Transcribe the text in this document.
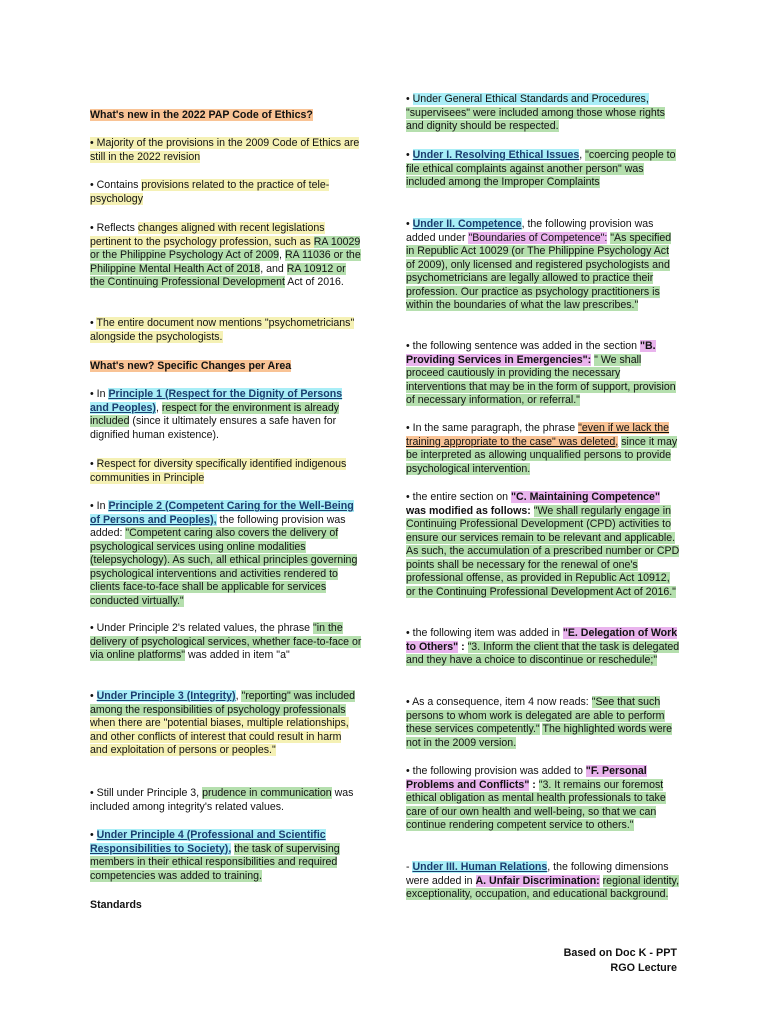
What's new in the 2022 PAP Code of Ethics?

• Majority of the provisions in the 2009 Code of Ethics are still in the 2022 revision

• Contains provisions related to the practice of tele-psychology

• Reflects changes aligned with recent legislations pertinent to the psychology profession, such as RA 10029 or the Philippine Psychology Act of 2009, RA 11036 or the Philippine Mental Health Act of 2018, and RA 10912 or the Continuing Professional Development Act of 2016.

• The entire document now mentions "psychometricians" alongside the psychologists.

What's new? Specific Changes per Area

• In Principle 1 (Respect for the Dignity of Persons and Peoples), respect for the environment is already included (since it ultimately ensures a safe haven for dignified human existence).

• Respect for diversity specifically identified indigenous communities in Principle

• In Principle 2 (Competent Caring for the Well-Being of Persons and Peoples), the following provision was added: "Competent caring also covers the delivery of psychological services using online modalities (telepsychology). As such, all ethical principles governing psychological interventions and activities rendered to clients face-to-face shall be applicable for services conducted virtually."

• Under Principle 2's related values, the phrase "in the delivery of psychological services, whether face-to-face or via online platforms" was added in item "a"

• Under Principle 3 (Integrity), "reporting" was included among the responsibilities of psychology professionals when there are "potential biases, multiple relationships, and other conflicts of interest that could result in harm and exploitation of persons or peoples."

• Still under Principle 3, prudence in communication was included among integrity's related values.

• Under Principle 4 (Professional and Scientific Responsibilities to Society), the task of supervising members in their ethical responsibilities and required competencies was added to training.

Standards

• Under General Ethical Standards and Procedures, "supervisees" were included among those whose rights and dignity should be respected.

• Under I. Resolving Ethical Issues, "coercing people to file ethical complaints against another person" was included among the Improper Complaints

• Under II. Competence, the following provision was added under "Boundaries of Competence": "As specified in Republic Act 10029 (or The Philippine Psychology Act of 2009), only licensed and registered psychologists and psychometricians are legally allowed to practice their profession. Our practice as psychology practitioners is within the boundaries of what the law prescribes."

• the following sentence was added in the section "B. Providing Services in Emergencies": " We shall proceed cautiously in providing the necessary interventions that may be in the form of support, provision of necessary information, or referral."

• In the same paragraph, the phrase "even if we lack the training appropriate to the case" was deleted, since it may be interpreted as allowing unqualified persons to provide psychological intervention.

• the entire section on "C. Maintaining Competence" was modified as follows: "We shall regularly engage in Continuing Professional Development (CPD) activities to ensure our services remain to be relevant and applicable. As such, the accumulation of a prescribed number or CPD points shall be necessary for the renewal of one's professional offense, as provided in Republic Act 10912, or the Continuing Professional Development Act of 2016."

• the following item was added in "E. Delegation of Work to Others" : "3. Inform the client that the task is delegated and they have a choice to discontinue or reschedule;"

• As a consequence, item 4 now reads: "See that such persons to whom work is delegated are able to perform these services competently." The highlighted words were not in the 2009 version.

• the following provision was added to "F. Personal Problems and Conflicts" : "3. It remains our foremost ethical obligation as mental health professionals to take care of our own health and well-being, so that we can continue rendering competent service to others."

- Under III. Human Relations, the following dimensions were added in A. Unfair Discrimination: regional identity, exceptionality, occupation, and educational background.

Based on Doc K - PPT
RGO Lecture
